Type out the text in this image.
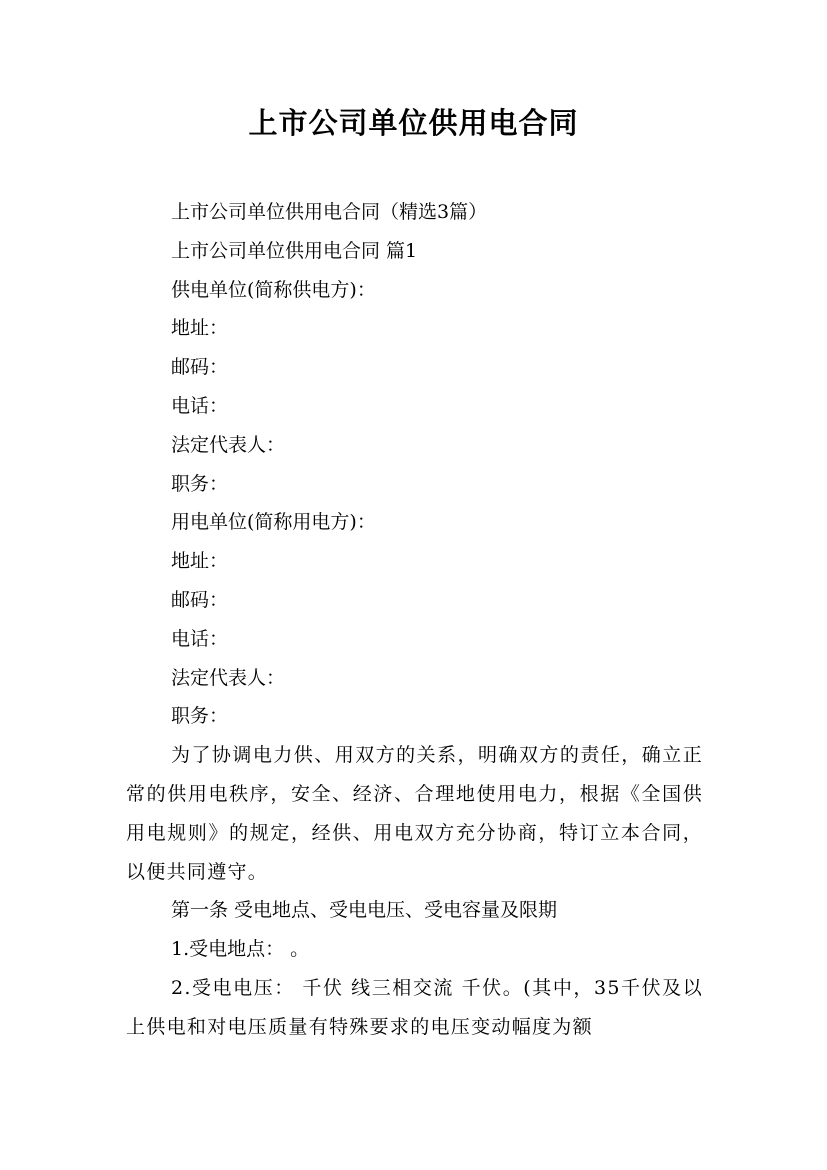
上市公司单位供用电合同

上市公司单位供用电合同（精选3篇）

上市公司单位供用电合同 篇1

供电单位(简称供电方)：

地址：

邮码：

电话：

法定代表人：

职务：

用电单位(简称用电方)：

地址：

邮码：

电话：

法定代表人：

职务：

为了协调电力供、用双方的关系，明确双方的责任，确立正常的供用电秩序，安全、经济、合理地使用电力，根据《全国供用电规则》的规定，经供、用电双方充分协商，特订立本合同，以便共同遵守。

第一条 受电地点、受电电压、受电容量及限期

1.受电地点： 。

2.受电电压： 千伏 线三相交流 千伏。(其中，35千伏及以上供电和对电压质量有特殊要求的电压变动幅度为额
